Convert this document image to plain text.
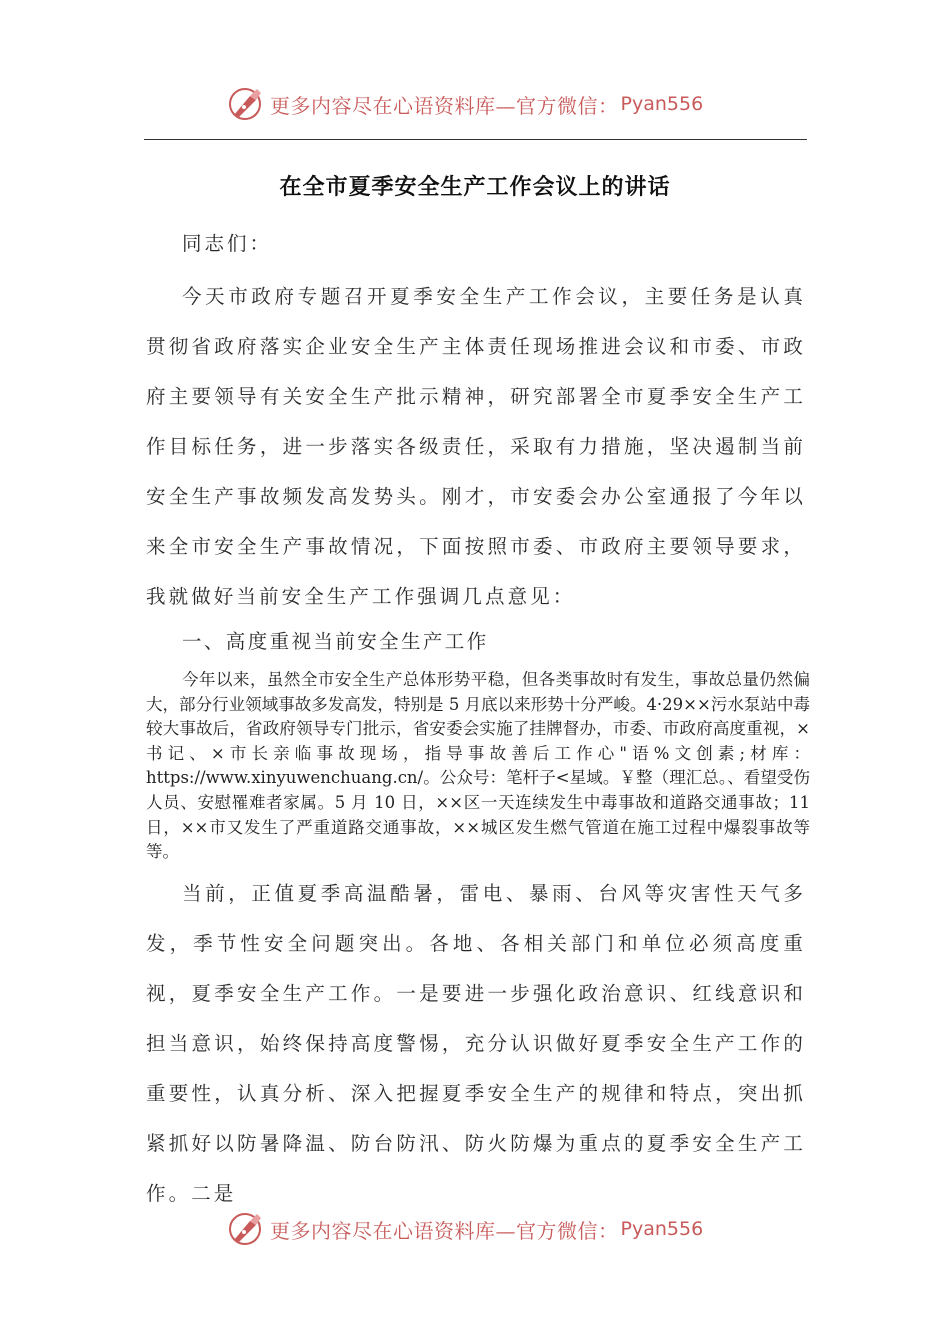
更多内容尽在心语资料库—官方微信： Pyan556
在全市夏季安全生产工作会议上的讲话
同志们：

今天市政府专题召开夏季安全生产工作会议，主要任务是认真贯彻省政府落实企业安全生产主体责任现场推进会议和市委、市政府主要领导有关安全生产批示精神，研究部署全市夏季安全生产工作目标任务，进一步落实各级责任，采取有力措施，坚决遏制当前安全生产事故频发高发势头。刚才，市安委会办公室通报了今年以来全市安全生产事故情况，下面按照市委、市政府主要领导要求，我就做好当前安全生产工作强调几点意见：

一、高度重视当前安全生产工作

今年以来，虽然全市安全生产总体形势平稳，但各类事故时有发生，事故总量仍然偏大，部分行业领域事故多发高发，特别是 5 月底以来形势十分严峻。4·29××污水泵站中毒较大事故后，省政府领导专门批示，省安委会实施了挂牌督办，市委、市政府高度重视，×书记、×市长亲临事故现场，指导事故善后工作心"语%文创素;材库：https://www.xinyuwenchuang.cn/。公众号：笔杆子<星域。￥整（理汇总。、看望受伤人员、安慰罹难者家属。5 月 10 日，××区一天连续发生中毒事故和道路交通事故；11 日，××市又发生了严重道路交通事故，××城区发生燃气管道在施工过程中爆裂事故等等。

当前，正值夏季高温酷暑，雷电、暴雨、台风等灾害性天气多发，季节性安全问题突出。各地、各相关部门和单位必须高度重视，夏季安全生产工作。一是要进一步强化政治意识、红线意识和担当意识，始终保持高度警惕，充分认识做好夏季安全生产工作的重要性，认真分析、深入把握夏季安全生产的规律和特点，突出抓紧抓好以防暑降温、防台防汛、防火防爆为重点的夏季安全生产工作。二是

更多内容尽在心语资料库—官方微信： Pyan556
